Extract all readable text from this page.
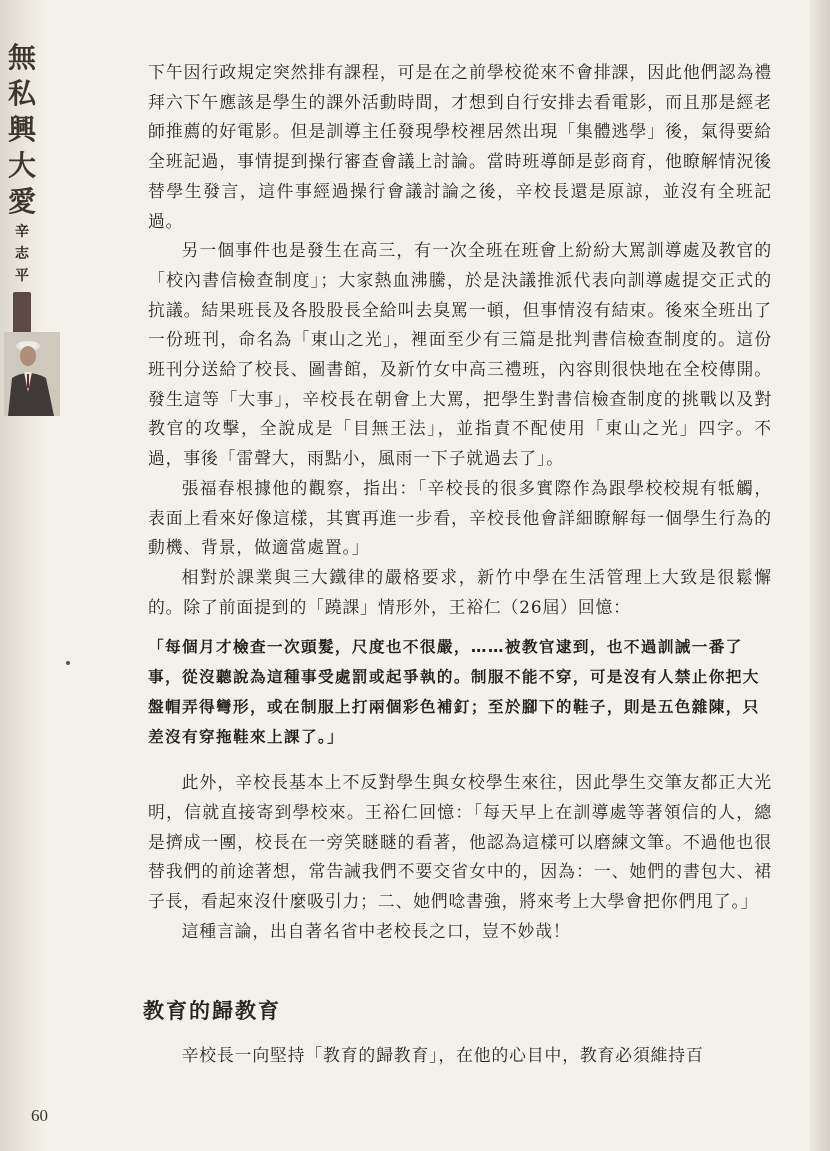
無
私
興
大
愛
辛
志
平

下午因行政規定突然排有課程，可是在之前學校從來不會排課，因此他們認為禮拜六下午應該是學生的課外活動時間，才想到自行安排去看電影，而且那是經老師推薦的好電影。但是訓導主任發現學校裡居然出現「集體逃學」後，氣得要給全班記過，事情提到操行審查會議上討論。當時班導師是彭商育，他瞭解情況後替學生發言，這件事經過操行會議討論之後，辛校長還是原諒，並沒有全班記過。

另一個事件也是發生在高三，有一次全班在班會上紛紛大罵訓導處及教官的「校內書信檢查制度」；大家熱血沸騰，於是決議推派代表向訓導處提交正式的抗議。結果班長及各股股長全給叫去臭罵一頓，但事情沒有結束。後來全班出了一份班刊，命名為「東山之光」，裡面至少有三篇是批判書信檢查制度的。這份班刊分送給了校長、圖書館，及新竹女中高三禮班，內容則很快地在全校傳開。發生這等「大事」，辛校長在朝會上大罵，把學生對書信檢查制度的挑戰以及對教官的攻擊，全說成是「目無王法」，並指責不配使用「東山之光」四字。不過，事後「雷聲大，雨點小，風雨一下子就過去了」。

張福春根據他的觀察，指出：「辛校長的很多實際作為跟學校校規有牴觸，表面上看來好像這樣，其實再進一步看，辛校長他會詳細瞭解每一個學生行為的動機、背景，做適當處置。」

相對於課業與三大鐵律的嚴格要求，新竹中學在生活管理上大致是很鬆懈的。除了前面提到的「蹺課」情形外，王裕仁（26屆）回憶：

「每個月才檢查一次頭髮，尺度也不很嚴，……被教官逮到，也不過訓誡一番了事，從沒聽說為這種事受處罰或起爭執的。制服不能不穿，可是沒有人禁止你把大盤帽弄得彎形，或在制服上打兩個彩色補釘；至於腳下的鞋子，則是五色雜陳，只差沒有穿拖鞋來上課了。」

此外，辛校長基本上不反對學生與女校學生來往，因此學生交筆友都正大光明，信就直接寄到學校來。王裕仁回憶：「每天早上在訓導處等著領信的人，總是擠成一團，校長在一旁笑瞇瞇的看著，他認為這樣可以磨練文筆。不過他也很替我們的前途著想，常告誡我們不要交省女中的，因為：一、她們的書包大、裙子長，看起來沒什麼吸引力；二、她們唸書強，將來考上大學會把你們甩了。」

這種言論，出自著名省中老校長之口，豈不妙哉！

教育的歸教育

辛校長一向堅持「教育的歸教育」，在他的心目中，教育必須維持百

60
